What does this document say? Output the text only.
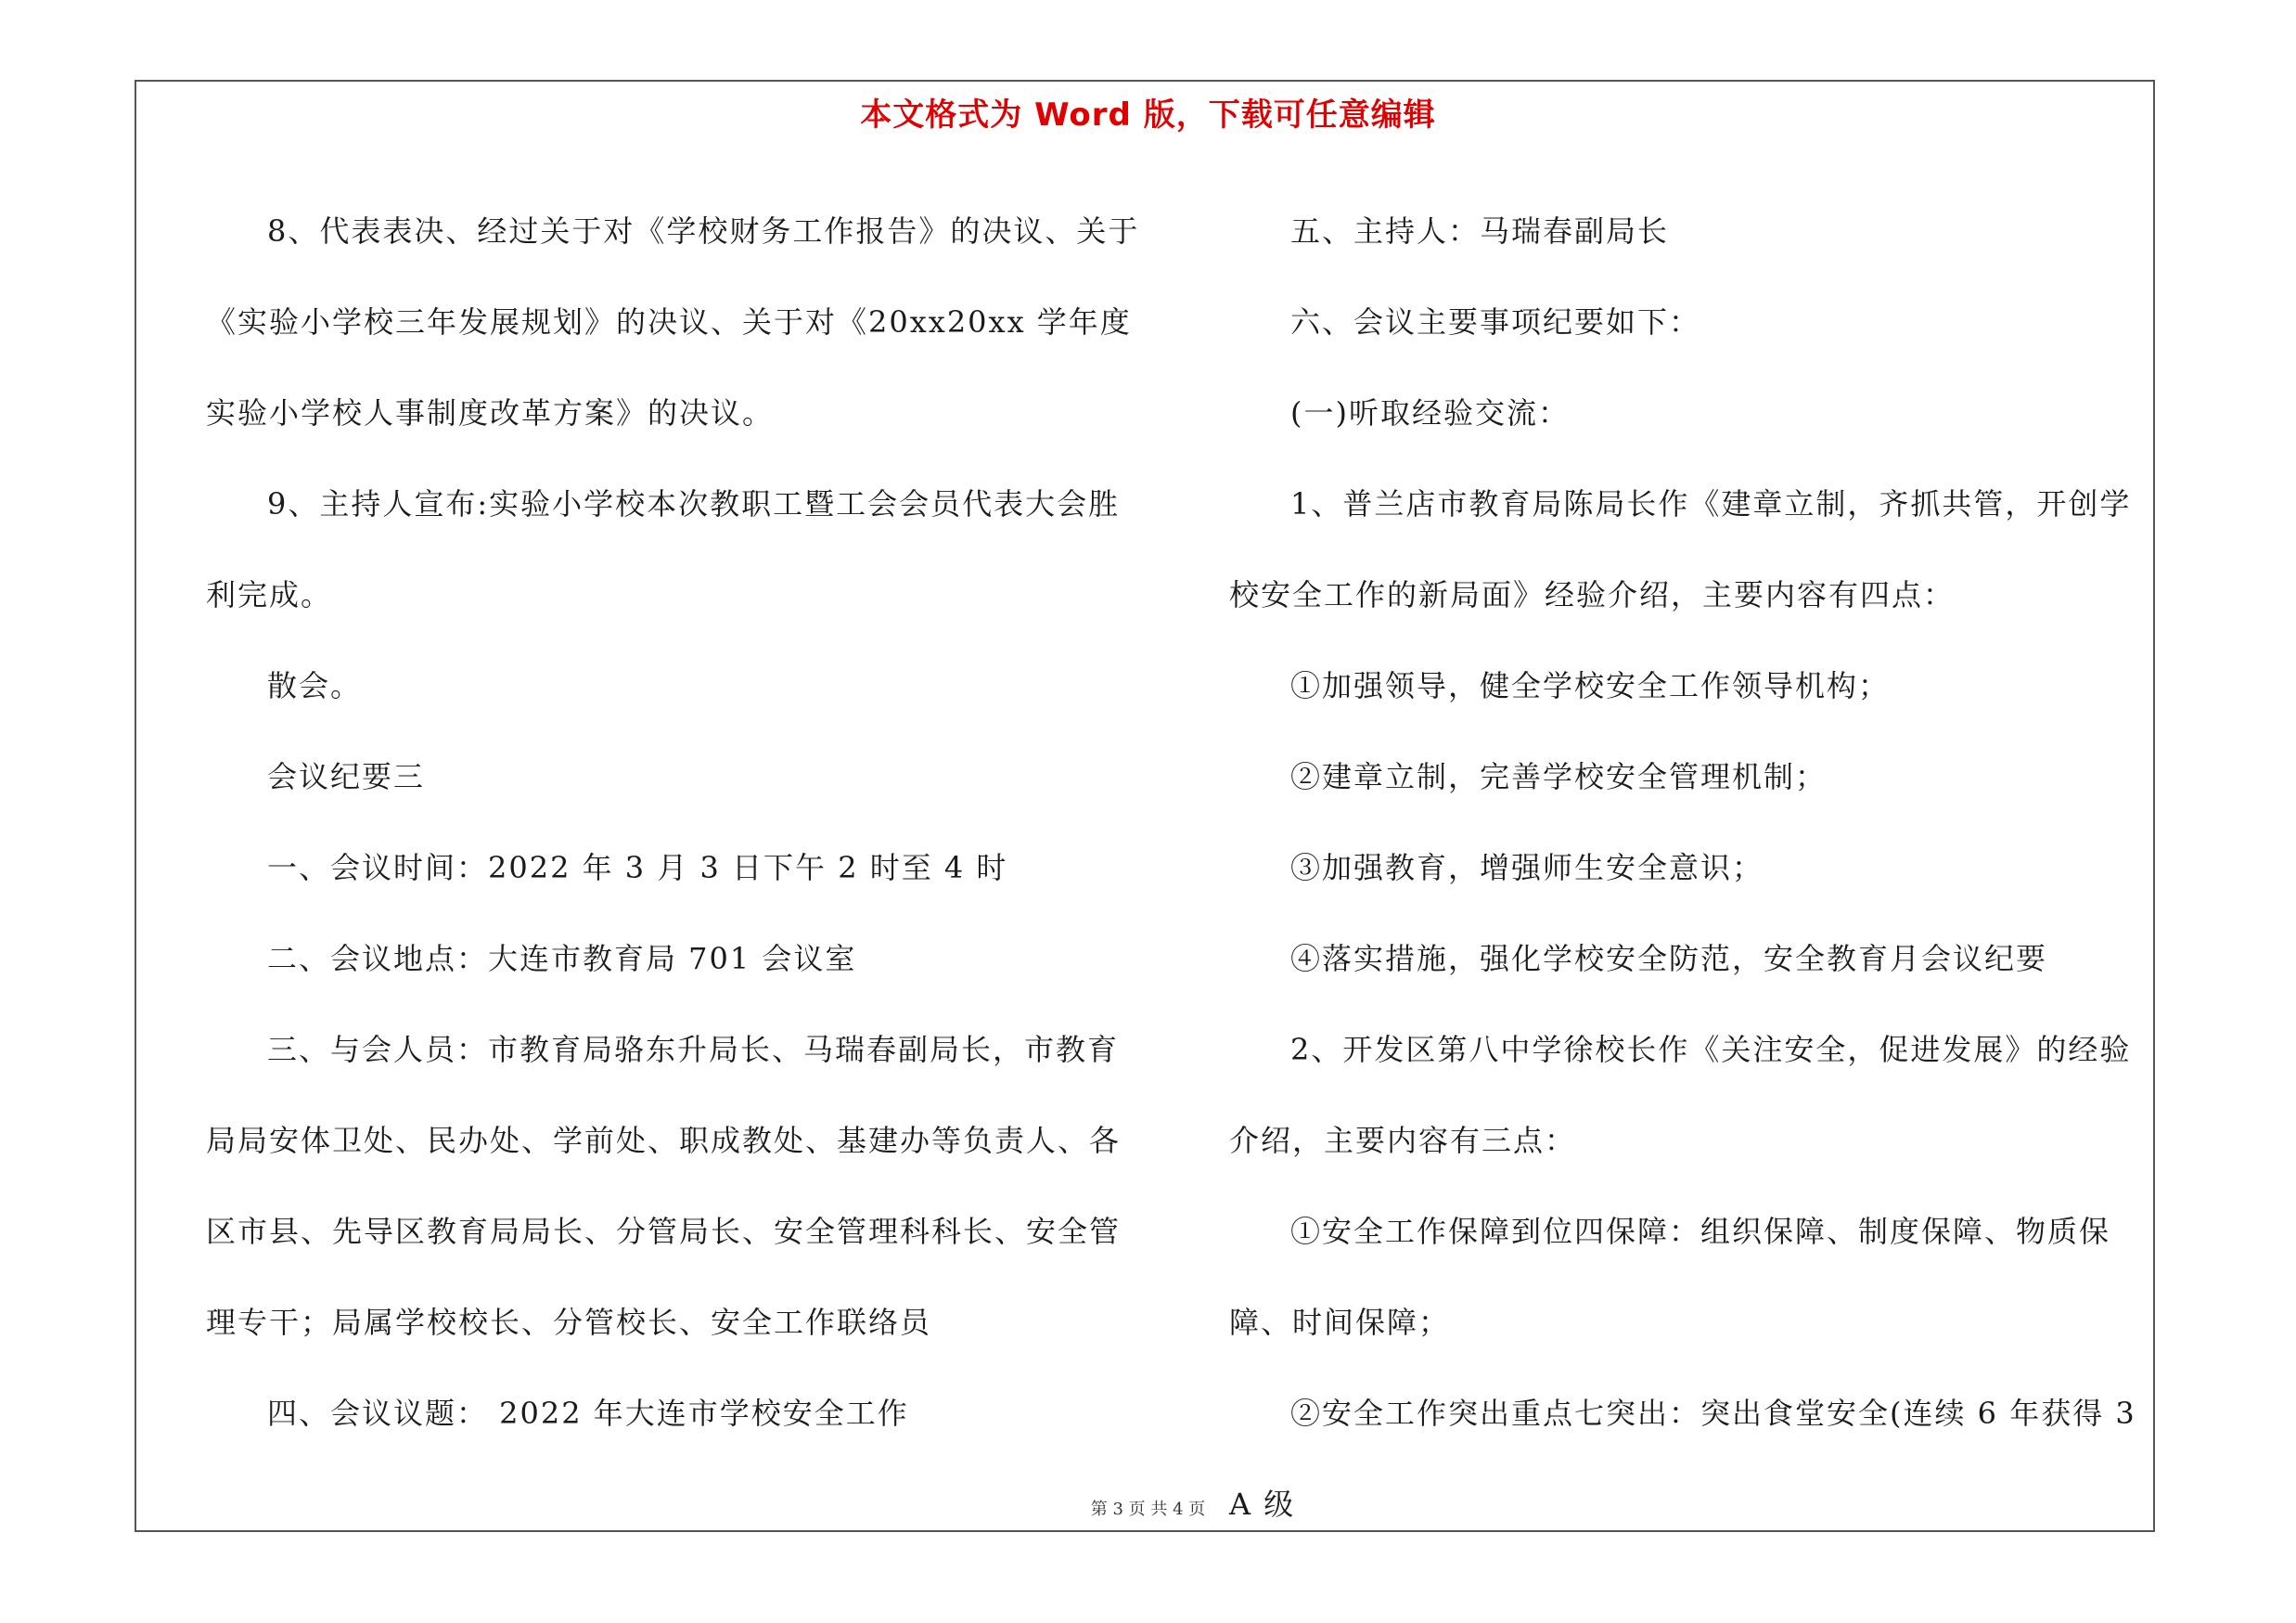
本文格式为 Word 版，下载可任意编辑

8、代表表决、经过关于对《学校财务工作报告》的决议、关于《实验小学校三年发展规划》的决议、关于对《20xx20xx 学年度实验小学校人事制度改革方案》的决议。

9、主持人宣布:实验小学校本次教职工暨工会会员代表大会胜利完成。

散会。

会议纪要三

一、会议时间：2022 年 3 月 3 日下午 2 时至 4 时

二、会议地点：大连市教育局 701 会议室

三、与会人员：市教育局骆东升局长、马瑞春副局长，市教育局局安体卫处、民办处、学前处、职成教处、基建办等负责人、各区市县、先导区教育局局长、分管局长、安全管理科科长、安全管理专干；局属学校校长、分管校长、安全工作联络员

四、会议议题： 2022 年大连市学校安全工作

五、主持人：马瑞春副局长

六、会议主要事项纪要如下：

(一)听取经验交流：

1、普兰店市教育局陈局长作《建章立制，齐抓共管，开创学校安全工作的新局面》经验介绍，主要内容有四点：

①加强领导，健全学校安全工作领导机构；

②建章立制，完善学校安全管理机制；

③加强教育，增强师生安全意识；

④落实措施，强化学校安全防范，安全教育月会议纪要

2、开发区第八中学徐校长作《关注安全，促进发展》的经验介绍，主要内容有三点：

①安全工作保障到位四保障：组织保障、制度保障、物质保障、时间保障；

②安全工作突出重点七突出：突出食堂安全(连续 6 年获得 3A 级

第 3 页 共 4 页
